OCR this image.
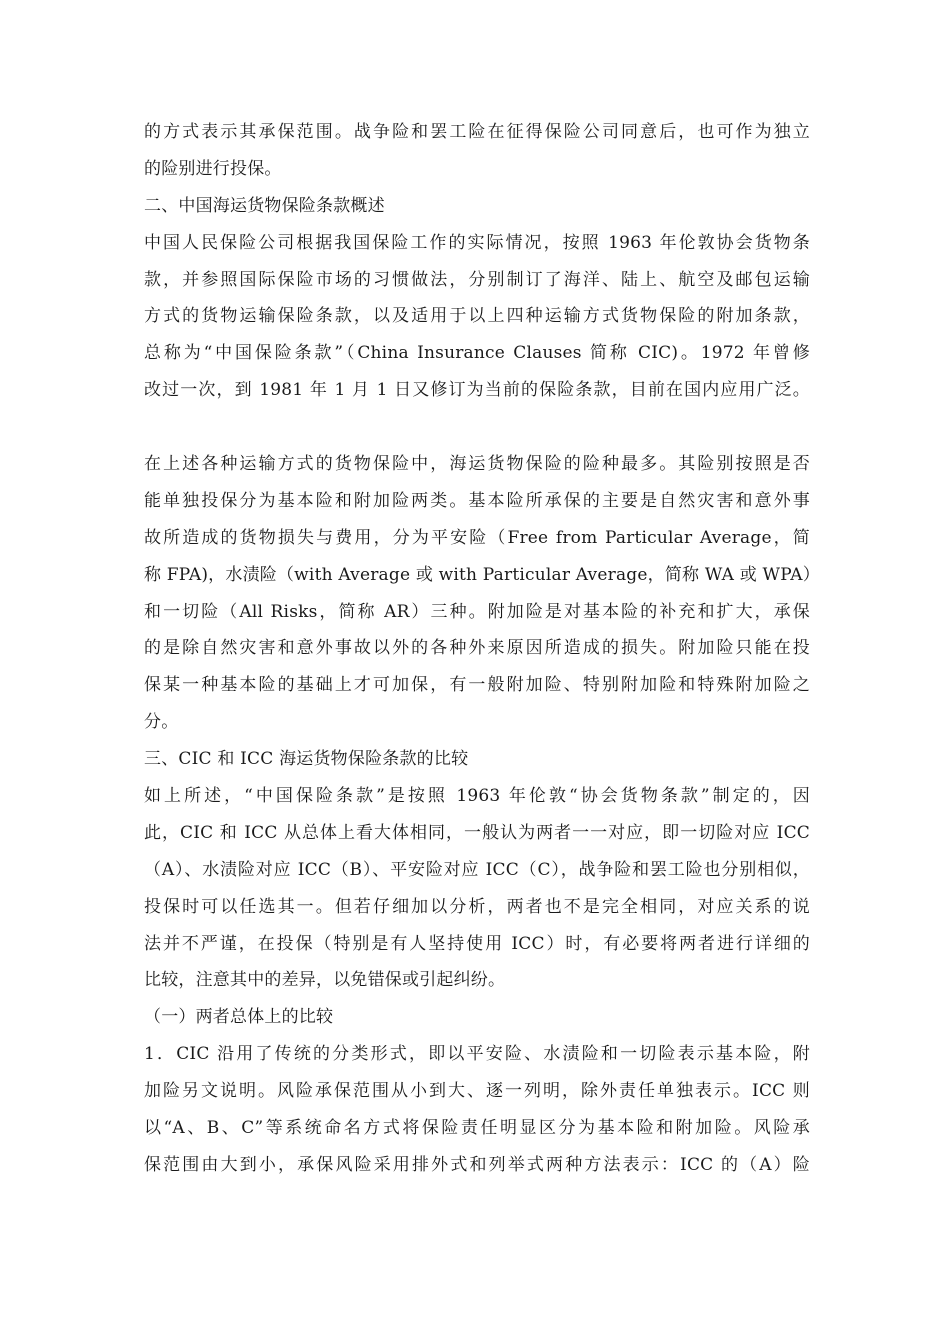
的方式表示其承保范围。战争险和罢工险在征得保险公司同意后，也可作为独立
的险别进行投保。
二、中国海运货物保险条款概述
中国人民保险公司根据我国保险工作的实际情况，按照 1963 年伦敦协会货物条
款，并参照国际保险市场的习惯做法，分别制订了海洋、陆上、航空及邮包运输
方式的货物运输保险条款，以及适用于以上四种运输方式货物保险的附加条款，
总称为“中国保险条款”（China Insurance Clauses 简称 CIC)。1972 年曾修
改过一次，到 1981 年 1 月 1 日又修订为当前的保险条款，目前在国内应用广泛。
在上述各种运输方式的货物保险中，海运货物保险的险种最多。其险别按照是否
能单独投保分为基本险和附加险两类。基本险所承保的主要是自然灾害和意外事
故所造成的货物损失与费用，分为平安险（Free from Particular Average，简
称 FPA)，水渍险（with Average 或 with Particular Average，简称 WA 或 WPA）
和一切险（All Risks，简称 AR）三种。附加险是对基本险的补充和扩大，承保
的是除自然灾害和意外事故以外的各种外来原因所造成的损失。附加险只能在投
保某一种基本险的基础上才可加保，有一般附加险、特别附加险和特殊附加险之
分。
三、CIC 和 ICC 海运货物保险条款的比较
如上所述，“中国保险条款”是按照 1963 年伦敦“协会货物条款”制定的，因
此，CIC 和 ICC 从总体上看大体相同，一般认为两者一一对应，即一切险对应 ICC
（A）、水渍险对应 ICC（B）、平安险对应 ICC（C），战争险和罢工险也分别相似，
投保时可以任选其一。但若仔细加以分析，两者也不是完全相同，对应关系的说
法并不严谨，在投保（特别是有人坚持使用 ICC）时，有必要将两者进行详细的
比较，注意其中的差异，以免错保或引起纠纷。
（一）两者总体上的比较
1．CIC 沿用了传统的分类形式，即以平安险、水渍险和一切险表示基本险，附
加险另文说明。风险承保范围从小到大、逐一列明，除外责任单独表示。ICC 则
以“A、B、C”等系统命名方式将保险责任明显区分为基本险和附加险。风险承
保范围由大到小，承保风险采用排外式和列举式两种方法表示：ICC 的（A）险
